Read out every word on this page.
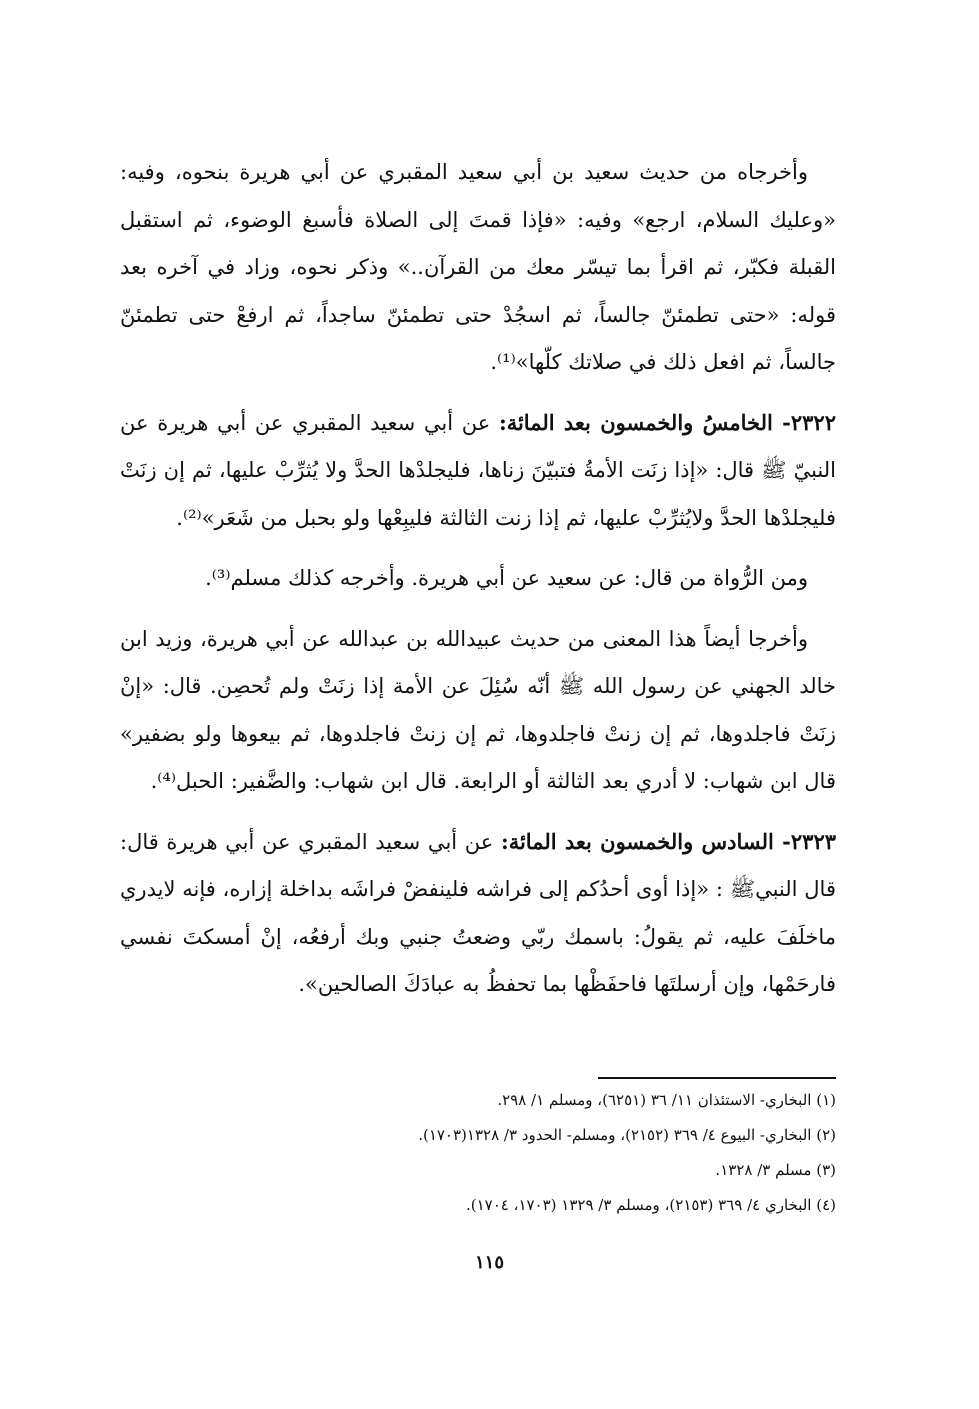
وأخرجاه من حديث سعيد بن أبي سعيد المقبري عن أبي هريرة بنحوه، وفيه: «وعليك السلام، ارجع» وفيه: «فإذا قمتَ إلى الصلاة فأسبغ الوضوء، ثم استقبل القبلة فكبّر، ثم اقرأ بما تيسّر معك من القرآن..» وذكر نحوه، وزاد في آخره بعد قوله: «حتى تطمئنّ جالساً، ثم اسجُدْ حتى تطمئنّ ساجداً، ثم ارفعْ حتى تطمئنّ جالساً، ثم افعل ذلك في صلاتك كلّها»⁽¹⁾.

٢٣٢٢- الخامسُ والخمسون بعد المائة: عن أبي سعيد المقبري عن أبي هريرة عن النبيّ ﷺ قال: «إذا زنَت الأمةُ فتبيّنَ زناها، فليجلدْها الحدَّ ولا يُثرِّبْ عليها، ثم إن زنَتْ فليجلدْها الحدَّ ولايُثرِّبْ عليها، ثم إذا زنت الثالثة فليبِعْها ولو بحبل من شَعَر»⁽²⁾.

ومن الرُّواة من قال: عن سعيد عن أبي هريرة. وأخرجه كذلك مسلم⁽³⁾.

وأخرجا أيضاً هذا المعنى من حديث عبيدالله بن عبدالله عن أبي هريرة، وزيد ابن خالد الجهني عن رسول الله ﷺ أنّه سُئِلَ عن الأمة إذا زنَتْ ولم تُحصِن. قال: «إنْ زنَتْ فاجلدوها، ثم إن زنتْ فاجلدوها، ثم إن زنتْ فاجلدوها، ثم بيعوها ولو بضفير» قال ابن شهاب: لا أدري بعد الثالثة أو الرابعة. قال ابن شهاب: والضَّفير: الحبل⁽⁴⁾.

٢٣٢٣- السادس والخمسون بعد المائة: عن أبي سعيد المقبري عن أبي هريرة قال: قال النبيﷺ : «إذا أوى أحدُكم إلى فراشه فلينفضْ فراشَه بداخلة إزاره، فإنه لايدري ماخلَفَ عليه، ثم يقولُ: باسمك ربّي وضعتُ جنبي وبك أرفعُه، إنْ أمسكتَ نفسي فارحَمْها، وإن أرسلتَها فاحفَظْها بما تحفظُ به عبادَكَ الصالحين».

(١) البخاري- الاستئذان ١١/ ٣٦ (٦٢٥١)، ومسلم ١/ ٢٩٨.

(٢) البخاري- البيوع ٤/ ٣٦٩ (٢١٥٢)، ومسلم- الحدود ٣/ ١٣٢٨(١٧٠٣).

(٣) مسلم ٣/ ١٣٢٨.

(٤) البخاري ٤/ ٣٦٩ (٢١٥٣)، ومسلم ٣/ ١٣٢٩ (١٧٠٣، ١٧٠٤).

١١٥
